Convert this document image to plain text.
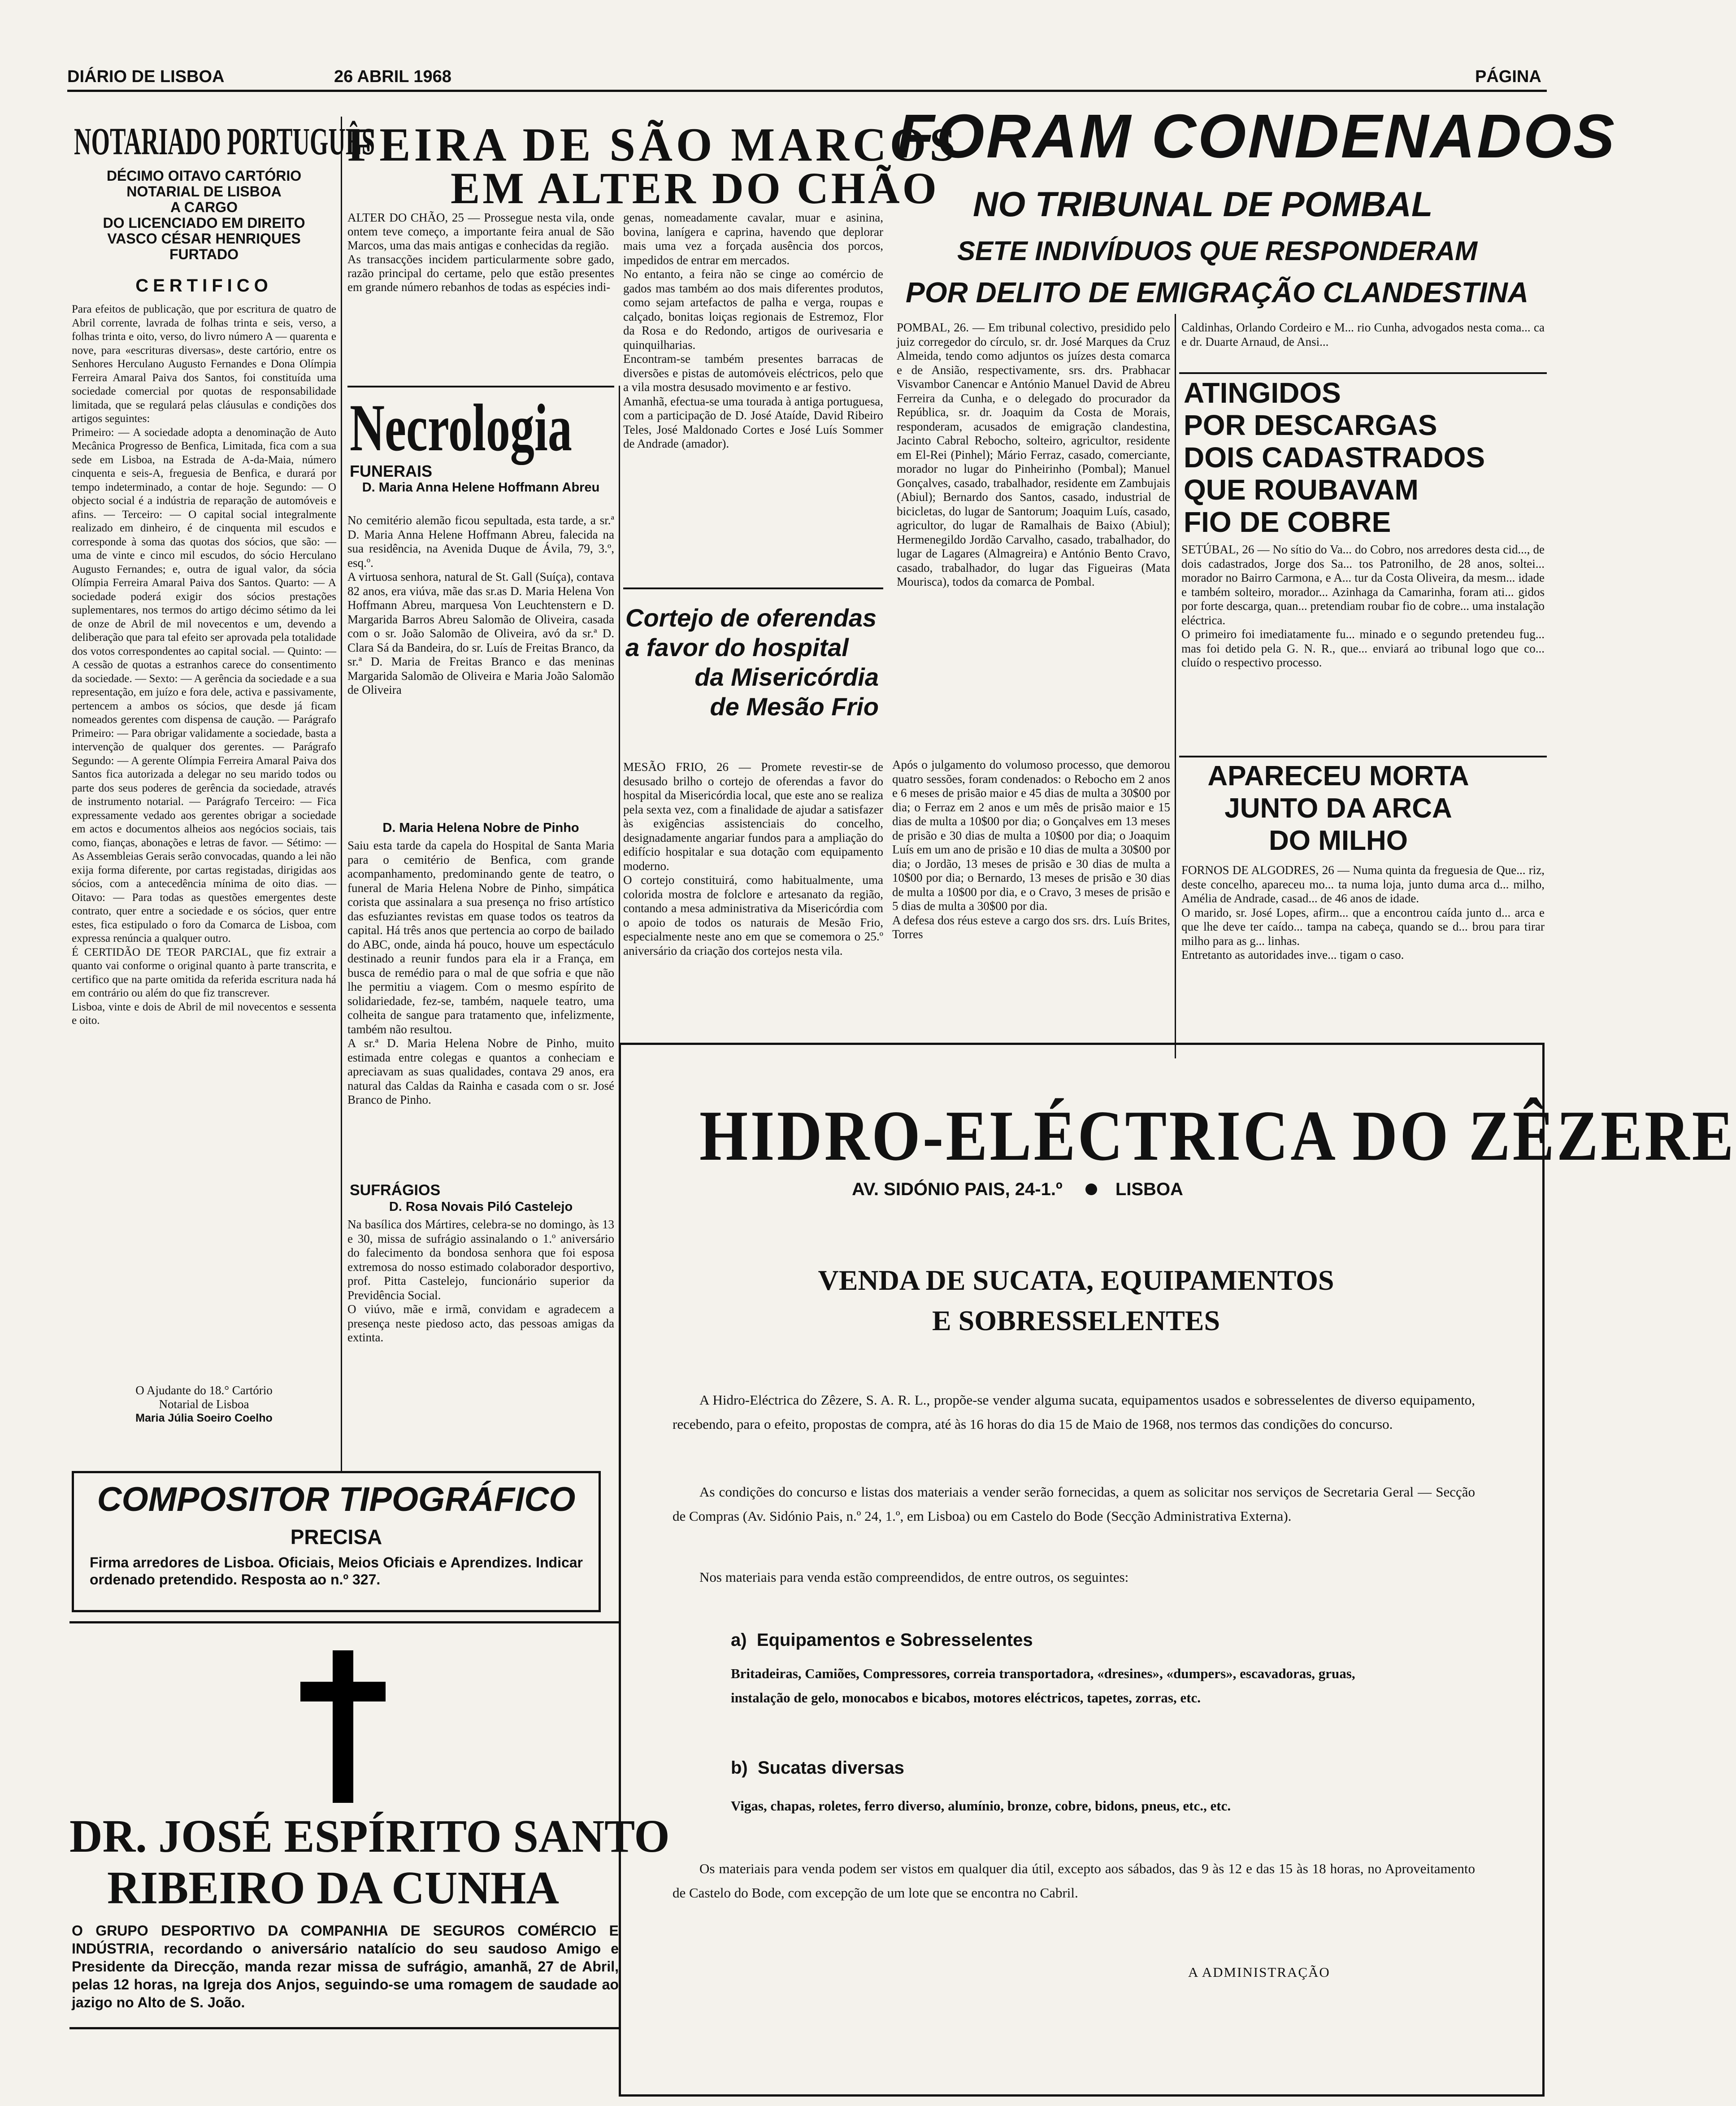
DIÁRIO DE LISBOA	26 ABRIL 1968	PÁGINA
NOTARIADO PORTUGUÊS
DÉCIMO OITAVO CARTÓRIO
NOTARIAL DE LISBOA
A CARGO
DO LICENCIADO EM DIREITO
VASCO CÉSAR HENRIQUES
FURTADO
CERTIFICO
Para efeitos de publicação, que por escritura de quatro de Abril corrente, lavrada de folhas trinta e seis, verso, a folhas trinta e oito, verso, do livro número A — quarenta e nove, para «escrituras diversas», deste cartório, entre os Senhores Herculano Augusto Fernandes e Dona Olímpia Ferreira Amaral Paiva dos Santos, foi constituída uma sociedade comercial por quotas de responsabilidade limitada, que se regulará pelas cláusulas e condições dos artigos seguintes:
Primeiro: — A sociedade adopta a denominação de Auto Mecânica Progresso de Benfica, Limitada, fica com a sua sede em Lisboa, na Estrada de A-da-Maia, número cinquenta e seis-A, freguesia de Benfica, e durará por tempo indeterminado, a contar de hoje. Segundo: — O objecto social é a indústria de reparação de automóveis e afins. — Terceiro: — O capital social integralmente realizado em dinheiro, é de cinquenta mil escudos e corresponde à soma das quotas dos sócios, que são: — uma de vinte e cinco mil escudos, do sócio Herculano Augusto Fernandes; e, outra de igual valor, da sócia Olímpia Ferreira Amaral Paiva dos Santos. Quarto: — A sociedade poderá exigir dos sócios prestações suplementares, nos termos do artigo décimo sétimo da lei de onze de Abril de mil novecentos e um, devendo a deliberação que para tal efeito ser aprovada pela totalidade dos votos correspondentes ao capital social. — Quinto: — A cessão de quotas a estranhos carece do consentimento da sociedade. — Sexto: — A gerência da sociedade e a sua representação, em juízo e fora dele, activa e passivamente, pertencem a ambos os sócios, que desde já ficam nomeados gerentes com dispensa de caução. — Parágrafo Primeiro: — Para obrigar validamente a sociedade, basta a intervenção de qualquer dos gerentes. — Parágrafo Segundo: — A gerente Olímpia Ferreira Amaral Paiva dos Santos fica autorizada a delegar no seu marido todos ou parte dos seus poderes de gerência da sociedade, através de instrumento notarial. — Parágrafo Terceiro: — Fica expressamente vedado aos gerentes obrigar a sociedade em actos e documentos alheios aos negócios sociais, tais como, fianças, abonações e letras de favor. — Sétimo: — As Assembleias Gerais serão convocadas, quando a lei não exija forma diferente, por cartas registadas, dirigidas aos sócios, com a antecedência mínima de oito dias. — Oitavo: — Para todas as questões emergentes deste contrato, quer entre a sociedade e os sócios, quer entre estes, fica estipulado o foro da Comarca de Lisboa, com expressa renúncia a qualquer outro.
É CERTIDÃO DE TEOR PARCIAL, que fiz extrair a quanto vai conforme o original quanto à parte transcrita, e certifico que na parte omitida da referida escritura nada há em contrário ou além do que fiz transcrever.
Lisboa, vinte e dois de Abril de mil novecentos e sessenta e oito.
O Ajudante do 18.° Cartório
Notarial de Lisboa
Maria Júlia Soeiro Coelho
FEIRA DE SÃO MARCOS
EM ALTER DO CHÃO
ALTER DO CHÃO, 25 — Prossegue nesta vila, onde ontem teve começo, a importante feira anual de São Marcos, uma das mais antigas e conhecidas da região.
As transacções incidem particularmente sobre gado, razão principal do certame, pelo que estão presentes em grande número rebanhos de todas as espécies indi-
genas, nomeadamente cavalar, muar e asinina, bovina, lanígera e caprina, havendo que deplorar mais uma vez a forçada ausência dos porcos, impedidos de entrar em mercados.
No entanto, a feira não se cinge ao comércio de gados mas também ao dos mais diferentes produtos, como sejam artefactos de palha e verga, roupas e calçado, bonitas loiças regionais de Estremoz, Flor da Rosa e do Redondo, artigos de ourivesaria e quinquilharias.
Encontram-se também presentes barracas de diversões e pistas de automóveis eléctricos, pelo que a vila mostra desusado movimento e ar festivo.
Amanhã, efectua-se uma tourada à antiga portuguesa, com a participação de D. José Ataíde, David Ribeiro Teles, José Maldonado Cortes e José Luís Sommer de Andrade (amador).
Necrologia
FUNERAIS
D. Maria Anna Helene Hoffmann Abreu
No cemitério alemão ficou sepultada, esta tarde, a sr.ª D. Maria Anna Helene Hoffmann Abreu, falecida na sua residência, na Avenida Duque de Ávila, 79, 3.º, esq.º.
A virtuosa senhora, natural de St. Gall (Suíça), contava 82 anos, era viúva, mãe das sr.as D. Maria Helena Von Hoffmann Abreu, marquesa Von Leuchtenstern e D. Margarida Barros Abreu Salomão de Oliveira, casada com o sr. João Salomão de Oliveira, avó da sr.ª D. Clara Sá da Bandeira, do sr. Luís de Freitas Branco, da sr.ª D. Maria de Freitas Branco e das meninas Margarida Salomão de Oliveira e Maria João Salomão de Oliveira
D. Maria Helena Nobre de Pinho
Saiu esta tarde da capela do Hospital de Santa Maria para o cemitério de Benfica, com grande acompanhamento, predominando gente de teatro, o funeral de Maria Helena Nobre de Pinho, simpática corista que assinalara a sua presença no friso artístico das esfuziantes revistas em quase todos os teatros da capital. Há três anos que pertencia ao corpo de bailado do ABC, onde, ainda há pouco, houve um espectáculo destinado a reunir fundos para ela ir a França, em busca de remédio para o mal de que sofria e que não lhe permitiu a viagem. Com o mesmo espírito de solidariedade, fez-se, também, naquele teatro, uma colheita de sangue para tratamento que, infelizmente, também não resultou.
A sr.ª D. Maria Helena Nobre de Pinho, muito estimada entre colegas e quantos a conheciam e apreciavam as suas qualidades, contava 29 anos, era natural das Caldas da Rainha e casada com o sr. José Branco de Pinho.
SUFRÁGIOS
D. Rosa Novais Piló Castelejo
Na basílica dos Mártires, celebra-se no domingo, às 13 e 30, missa de sufrágio assinalando o 1.º aniversário do falecimento da bondosa senhora que foi esposa extremosa do nosso estimado colaborador desportivo, prof. Pitta Castelejo, funcionário superior da Previdência Social.
O viúvo, mãe e irmã, convidam e agradecem a presença neste piedoso acto, das pessoas amigas da extinta.
Cortejo de oferendas
a favor do hospital
da Misericórdia
de Mesão Frio
MESÃO FRIO, 26 — Promete revestir-se de desusado brilho o cortejo de oferendas a favor do hospital da Misericórdia local, que este ano se realiza pela sexta vez, com a finalidade de ajudar a satisfazer às exigências assistenciais do concelho, designadamente angariar fundos para a ampliação do edifício hospitalar e sua dotação com equipamento moderno.
O cortejo constituirá, como habitualmente, uma colorida mostra de folclore e artesanato da região, contando a mesa administrativa da Misericórdia com o apoio de todos os naturais de Mesão Frio, especialmente neste ano em que se comemora o 25.º aniversário da criação dos cortejos nesta vila.
FORAM CONDENADOS
NO TRIBUNAL DE POMBAL
SETE INDIVÍDUOS QUE RESPONDERAM
POR DELITO DE EMIGRAÇÃO CLANDESTINA
POMBAL, 26. — Em tribunal colectivo, presidido pelo juiz corregedor do círculo, sr. dr. José Marques da Cruz Almeida, tendo como adjuntos os juízes desta comarca e de Ansião, respectivamente, srs. drs. Prabhacar Visvambor Canencar e António Manuel David de Abreu Ferreira da Cunha, e o delegado do procurador da República, sr. dr. Joaquim da Costa de Morais, responderam, acusados de emigração clandestina, Jacinto Cabral Rebocho, solteiro, agricultor, residente em El-Rei (Pinhel); Mário Ferraz, casado, comerciante, morador no lugar do Pinheirinho (Pombal); Manuel Gonçalves, casado, trabalhador, residente em Zambujais (Abiul); Bernardo dos Santos, casado, industrial de bicicletas, do lugar de Santorum; Joaquim Luís, casado, agricultor, do lugar de Ramalhais de Baixo (Abiul); Hermenegildo Jordão Carvalho, casado, trabalhador, do lugar de Lagares (Almagreira) e António Bento Cravo, casado, trabalhador, do lugar das Figueiras (Mata Mourisca), todos da comarca de Pombal.
Após o julgamento do volumoso processo, que demorou quatro sessões, foram condenados: o Rebocho em 2 anos e 6 meses de prisão maior e 45 dias de multa a 30$00 por dia; o Ferraz em 2 anos e um mês de prisão maior e 15 dias de multa a 10$00 por dia; o Gonçalves em 13 meses de prisão e 30 dias de multa a 10$00 por dia; o Joaquim Luís em um ano de prisão e 10 dias de multa a 30$00 por dia; o Jordão, 13 meses de prisão e 30 dias de multa a 10$00 por dia; o Bernardo, 13 meses de prisão e 30 dias de multa a 10$00 por dia, e o Cravo, 3 meses de prisão e 5 dias de multa a 30$00 por dia.
A defesa dos réus esteve a cargo dos srs. drs. Luís Brites, Torres
Caldinhas, Orlando Cordeiro e M... rio Cunha, advogados nesta coma... ca e dr. Duarte Arnaud, de Ansi...
ATINGIDOS
POR DESCARGAS
DOIS CADASTRADOS
QUE ROUBAVAM
FIO DE COBRE
SETÚBAL, 26 — No sítio do Va... do Cobro, nos arredores desta cid..., de dois cadastrados, Jorge dos Sa... tos Patronilho, de 28 anos, soltei... morador no Bairro Carmona, e A... tur da Costa Oliveira, da mesm... idade e também solteiro, morador... Azinhaga da Camarinha, foram ati... gidos por forte descarga, quan... pretendiam roubar fio de cobre... uma instalação eléctrica.
O primeiro foi imediatamente fu... minado e o segundo pretendeu fug... mas foi detido pela G. N. R., que... enviará ao tribunal logo que co... cluído o respectivo processo.
APARECEU MORTA
JUNTO DA ARCA
DO MILHO
FORNOS DE ALGODRES, 26 — Numa quinta da freguesia de Que... riz, deste concelho, apareceu mo... ta numa loja, junto duma arca d... milho, Amélia de Andrade, casad... de 46 anos de idade.
O marido, sr. José Lopes, afirm... que a encontrou caída junto d... arca e que lhe deve ter caído... tampa na cabeça, quando se d... brou para tirar milho para as g... linhas.
Entretanto as autoridades inve... tigam o caso.
HIDRO-ELÉCTRICA DO ZÊZERE
AV. SIDÓNIO PAIS, 24-1.º	LISBOA
VENDA DE SUCATA, EQUIPAMENTOS
E SOBRESSELENTES
A Hidro-Eléctrica do Zêzere, S. A. R. L., propõe-se vender alguma sucata, equipamentos usados e sobresselentes de diverso equipamento, recebendo, para o efeito, propostas de compra, até às 16 horas do dia 15 de Maio de 1968, nos termos das condições do concurso.
As condições do concurso e listas dos materiais a vender serão fornecidas, a quem as solicitar nos serviços de Secretaria Geral — Secção de Compras (Av. Sidónio Pais, n.º 24, 1.º, em Lisboa) ou em Castelo do Bode (Secção Administrativa Externa).
Nos materiais para venda estão compreendidos, de entre outros, os seguintes:
a) Equipamentos e Sobresselentes
Britadeiras, Camiões, Compressores, correia transportadora, «dresines», «dumpers», escavadoras, gruas, instalação de gelo, monocabos e bicabos, motores eléctricos, tapetes, zorras, etc.
b) Sucatas diversas
Vigas, chapas, roletes, ferro diverso, alumínio, bronze, cobre, bidons, pneus, etc., etc.
Os materiais para venda podem ser vistos em qualquer dia útil, excepto aos sábados, das 9 às 12 e das 15 às 18 horas, no Aproveitamento de Castelo do Bode, com excepção de um lote que se encontra no Cabril.
A ADMINISTRAÇÃO
COMPOSITOR TIPOGRÁFICO
PRECISA
Firma arredores de Lisboa. Oficiais, Meios Oficiais e Aprendizes. Indicar ordenado pretendido. Resposta ao n.º 327.
DR. JOSÉ ESPÍRITO SANTO
RIBEIRO DA CUNHA
O GRUPO DESPORTIVO DA COMPANHIA DE SEGUROS COMÉRCIO E INDÚSTRIA, recordando o aniversário natalício do seu saudoso Amigo e Presidente da Direcção, manda rezar missa de sufrágio, amanhã, 27 de Abril, pelas 12 horas, na Igreja dos Anjos, seguindo-se uma romagem de saudade ao jazigo no Alto de S. João.
